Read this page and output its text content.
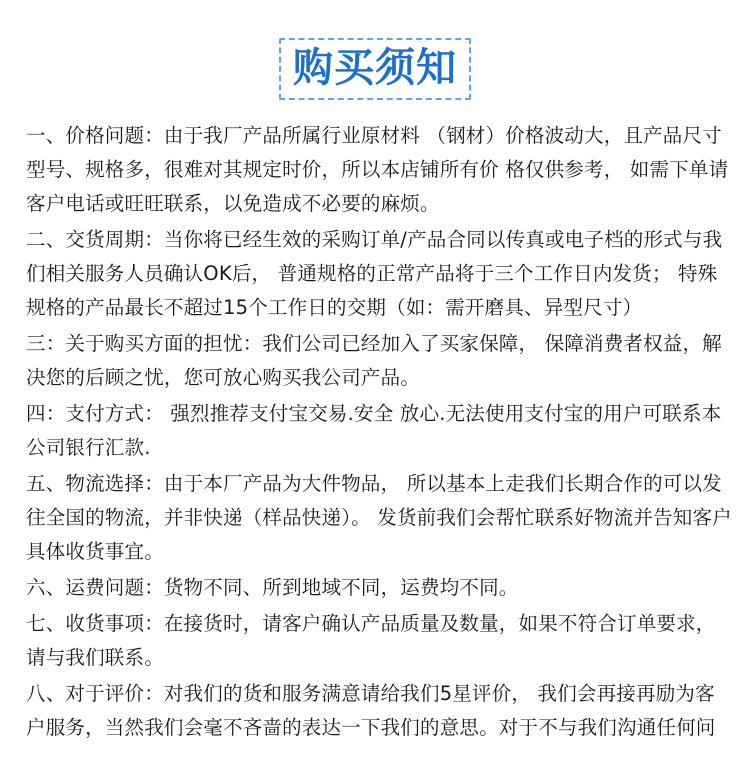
购买须知
一、价格问题：由于我厂产品所属行业原材料 （钢材）价格波动大，且产品尺寸型号、规格多，很难对其规定时价，所以本店铺所有价 格仅供参考， 如需下单请客户电话或旺旺联系，以免造成不必要的麻烦。
二、交货周期：当你将已经生效的采购订单/产品合同以传真或电子档的形式与我们相关服务人员确认OK后， 普通规格的正常产品将于三个工作日内发货； 特殊规格的产品最长不超过15个工作日的交期（如：需开磨具、异型尺寸）
三：关于购买方面的担忧：我们公司已经加入了买家保障， 保障消费者权益，解决您的后顾之忧，您可放心购买我公司产品。
四：支付方式： 强烈推荐支付宝交易.安全 放心.无法使用支付宝的用户可联系本公司银行汇款.
五、物流选择：由于本厂产品为大件物品， 所以基本上走我们长期合作的可以发往全国的物流，并非快递（样品快递）。 发货前我们会帮忙联系好物流并告知客户具体收货事宜。
六、运费问题：货物不同、所到地域不同，运费均不同。
七、收货事项：在接货时，请客户确认产品质量及数量，如果不符合订单要求，请与我们联系。
八、对于评价：对我们的货和服务满意请给我们5星评价， 我们会再接再励为客户服务，当然我们会毫不吝啬的表达一下我们的意思。对于不与我们沟通任何问
